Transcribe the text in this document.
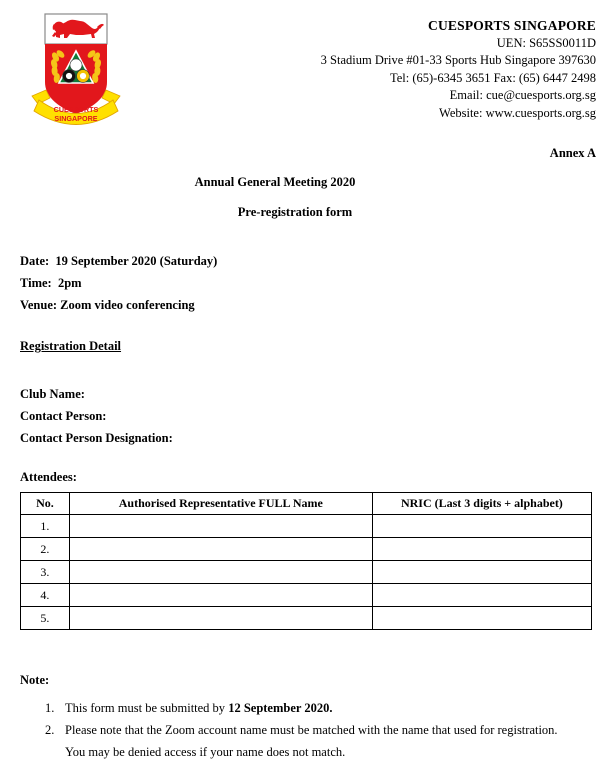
CUESPORTS
SINGAPORE
CUESPORTS SINGAPORE
UEN: S65SS0011D
3 Stadium Drive #01-33 Sports Hub Singapore 397630
Tel: (65)-6345 3651 Fax: (65) 6447 2498
Email: cue@cuesports.org.sg
Website: www.cuesports.org.sg
Annex A
Annual General Meeting 2020
Pre-registration form
Date: 19 September 2020 (Saturday)
Time: 2pm
Venue: Zoom video conferencing
Registration Detail
Club Name:
Contact Person:
Contact Person Designation:
Attendees:
No.	Authorised Representative FULL Name	NRIC (Last 3 digits + alphabet)
1.		
2.		
3.		
4.		
5.		
Note:
1. This form must be submitted by 12 September 2020.
2. Please note that the Zoom account name must be matched with the name that used for registration.
You may be denied access if your name does not match.
